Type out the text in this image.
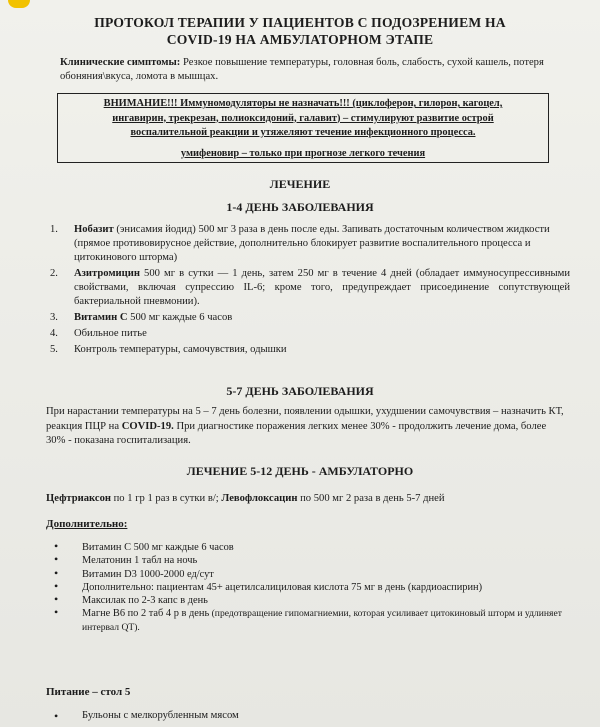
ПРОТОКОЛ ТЕРАПИИ У ПАЦИЕНТОВ С ПОДОЗРЕНИЕМ НА
COVID-19 НА АМБУЛАТОРНОМ ЭТАПЕ
Клинические симптомы: Резкое повышение температуры, головная боль, слабость, сухой кашель, потеря обоняния\вкуса, ломота в мышцах.
ВНИМАНИЕ!!! Иммуномодуляторы не назначать!!! (циклоферон, гилорон, кагоцел,
ингавирин, трекрезан, полиоксидоний, галавит) – стимулируют развитие острой
воспалительной реакции и утяжеляют течение инфекционного процесса.
умифеновир – только при прогнозе легкого течения
ЛЕЧЕНИЕ
1-4 ДЕНЬ ЗАБОЛЕВАНИЯ
1. Нобазит (энисамия йодид) 500 мг 3 раза в день после еды. Запивать достаточным количеством жидкости (прямое противовирусное действие, дополнительно блокирует развитие воспалительного процесса и цитокинового шторма)
2. Азитромицин 500 мг в сутки — 1 день, затем 250 мг в течение 4 дней (обладает иммуносупрессивными свойствами, включая супрессию IL-6; кроме того, предупреждает присоединение сопутствующей бактериальной пневмонии).
3. Витамин С 500 мг каждые 6 часов
4. Обильное питье
5. Контроль температуры, самочувствия, одышки
5-7 ДЕНЬ ЗАБОЛЕВАНИЯ
При нарастании температуры на 5 – 7 день болезни, появлении одышки, ухудшении самочувствия – назначить КТ, реакция ПЦР на COVID-19. При диагностике поражения легких менее 30% - продолжить лечение дома, более 30% - показана госпитализация.
ЛЕЧЕНИЕ 5-12 ДЕНЬ - АМБУЛАТОРНО
Цефтриаксон по 1 гр 1 раз в сутки в/; Левофлоксацин по 500 мг 2 раза в день 5-7 дней
Дополнительно:
• Витамин С 500 мг каждые 6 часов
• Мелатонин 1 табл на ночь
• Витамин D3 1000-2000 ед/сут
• Дополнительно: пациентам 45+ ацетилсалициловая кислота 75 мг в день (кардиоаспирин)
• Максилак по 2-3 капс в день
• Магне В6 по 2 таб 4 р в день (предотвращение гипомагниемии, которая усиливает цитокиновый шторм и удлиняет интервал QT).
Питание – стол 5
• Бульоны с мелкорубленным мясом
